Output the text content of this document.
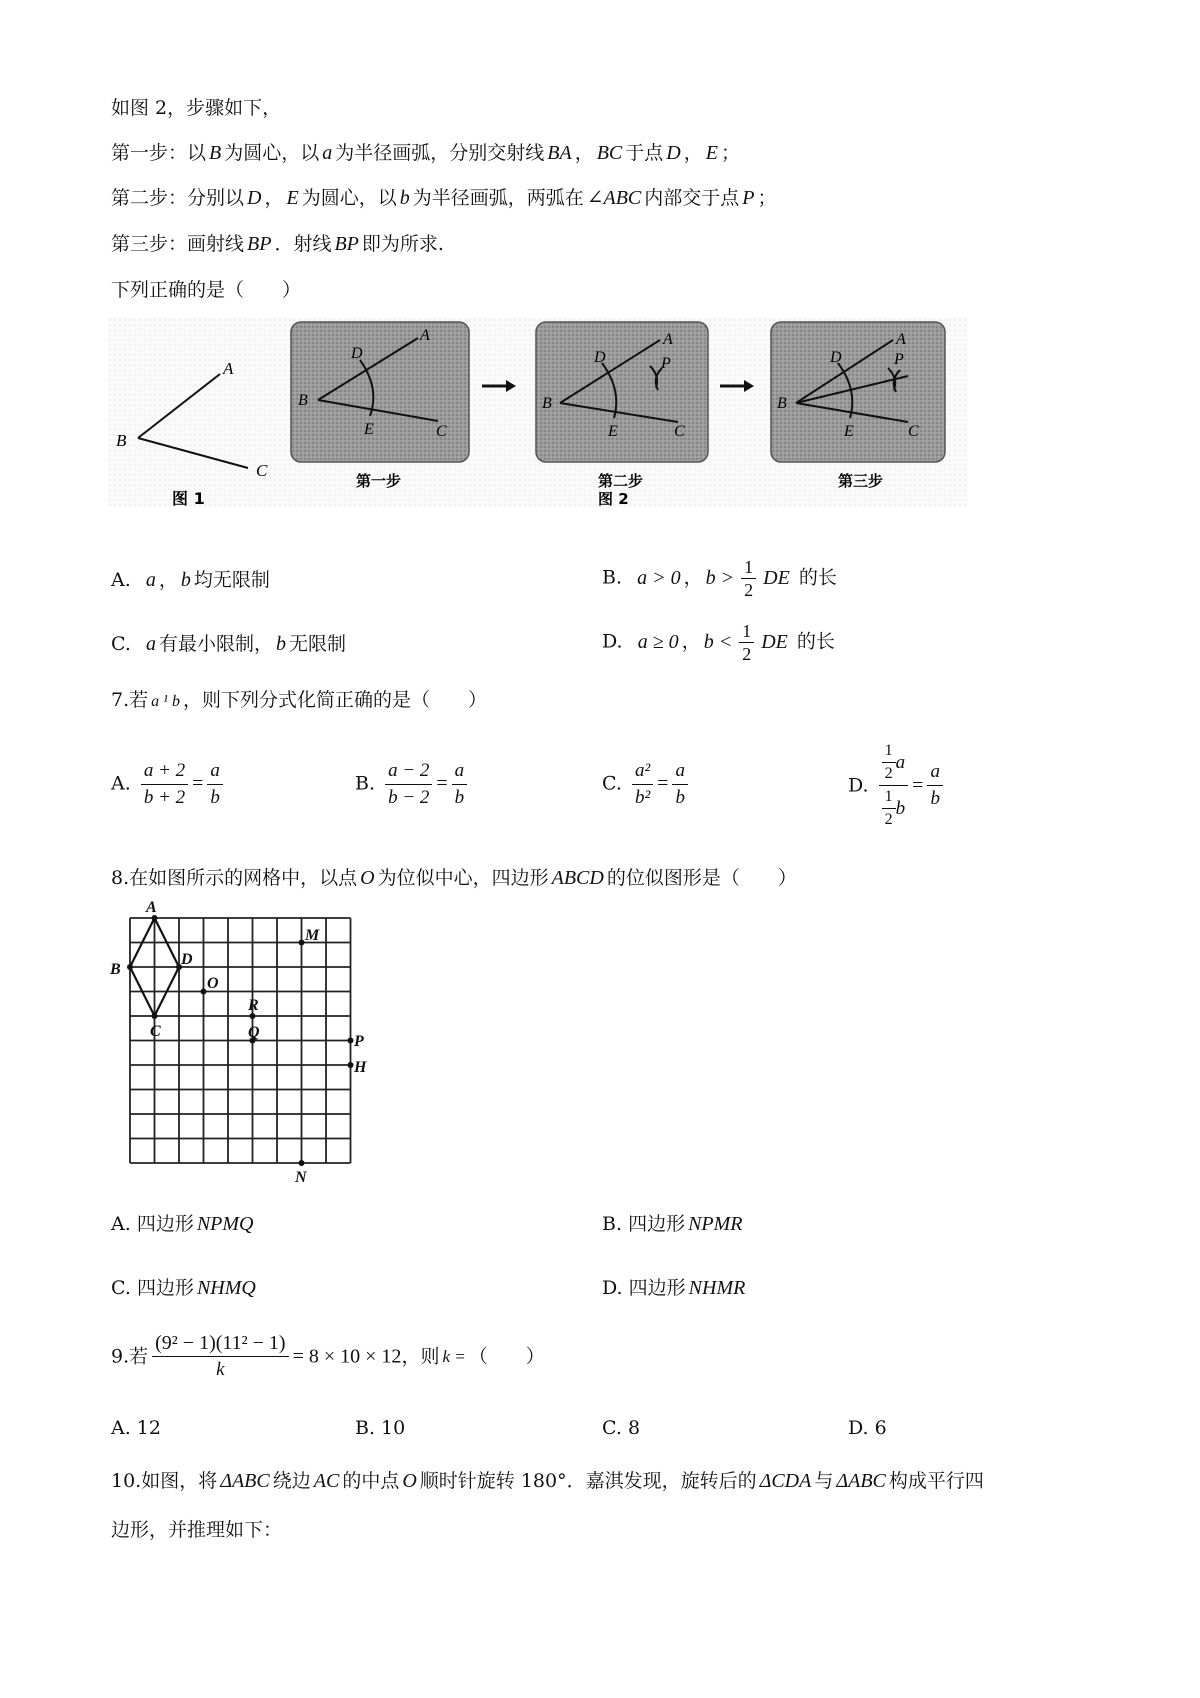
如图 2，步骤如下，
第一步：以 B 为圆心，以 a 为半径画弧，分别交射线 BA ， BC 于点 D ， E ；
第二步：分别以 D ， E 为圆心，以 b 为半径画弧，两弧在 ∠ABC 内部交于点 P ；
第三步：画射线 BP ．射线 BP 即为所求.
下列正确的是（　　）
A
B
C
图 1
A
B
C
D
E
第一步
A
B
C
D
E
P
第二步
图 2
A
B
C
D
E
P
第三步
A. a ， b 均无限制	B. a > 0 ， $b > \frac{1}{2}$ DE 的长
C. a 有最小限制， b 无限制	D. a ≥ 0 ， $b < \frac{1}{2}$ DE 的长
7.若 a ¹ b ，则下列分式化简正确的是（　　）
A. $\frac{a + 2}{b + 2} = \frac{a}{b}$	B. $\frac{a - 2}{b - 2} = \frac{a}{b}$	C. $\frac{\text{a²}}{\text{b²}} = \frac{a}{b}$	D. $\frac{\frac{1}{2} a}{\frac{1}{2} b} = \frac{a}{b}$
8.在如图所示的网格中，以点 O 为位似中心，四边形 ABCD 的位似图形是（　　）
A
B
C
D
O
M
R
Q
P
H
N
A. 四边形 NPMQ	B. 四边形 NPMR
C. 四边形 NHMQ	D. 四边形 NHMR
9.若 $\frac{\text{(9² − 1)(11² − 1)}}{k} = 8 \times 10 \times 12$，则 k = （　　）
A. 12	B. 10	C. 8	D. 6
10.如图，将 ΔABC 绕边 AC 的中点 O 顺时针旋转 180°．嘉淇发现，旋转后的 ΔCDA 与 ΔABC 构成平行四
边形，并推理如下：
